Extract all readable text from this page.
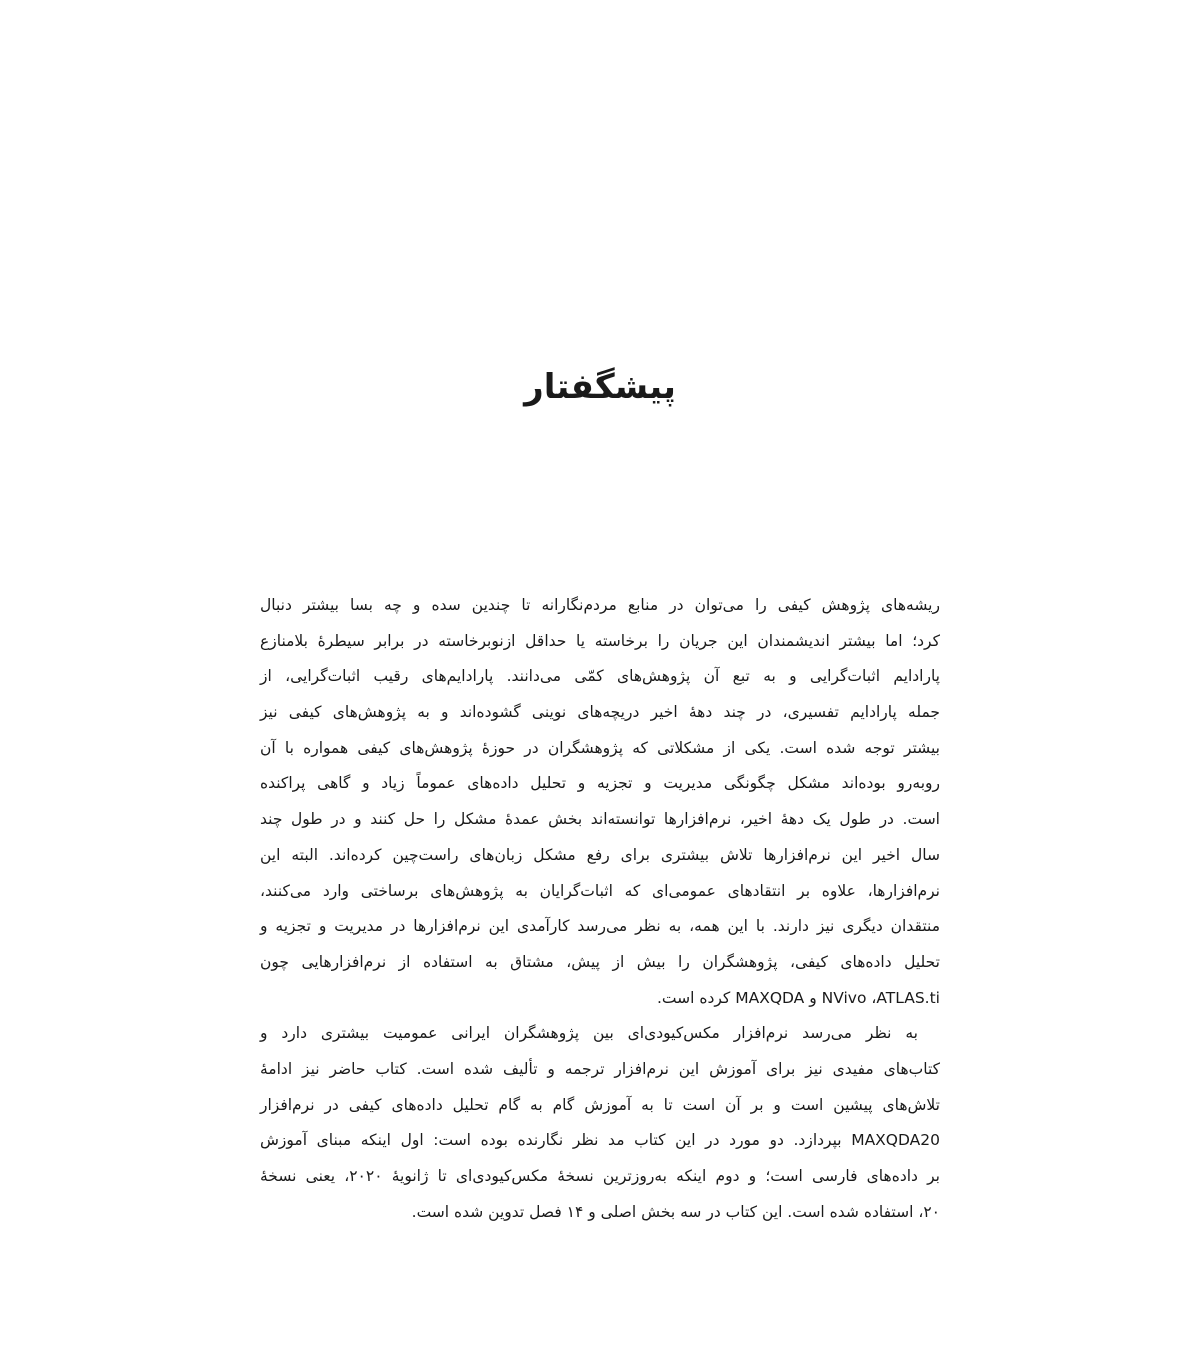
پیشگفتار

ریشه‌های پژوهش کیفی را می‌توان در منابع مردم‌نگارانه تا چندین سده و چه بسا بیشتر دنبال
کرد؛ اما بیشتر اندیشمندان این جریان را برخاسته یا حداقل ازنوبرخاسته در برابر سیطرهٔ بلامنازع
پارادایم اثبات‌گرایی و به تبع آن پژوهش‌های کمّی می‌دانند. پارادایم‌های رقیب اثبات‌گرایی، از
جمله پارادایم تفسیری، در چند دههٔ اخیر دریچه‌های نوینی گشوده‌اند و به پژوهش‌های کیفی نیز
بیشتر توجه شده است. یکی از مشکلاتی که پژوهشگران در حوزهٔ پژوهش‌های کیفی همواره با آن
روبه‌رو بوده‌اند مشکل چگونگی مدیریت و تجزیه و تحلیل داده‌های عموماً زیاد و گاهی پراکنده
است. در طول یک دههٔ اخیر، نرم‌افزارها توانسته‌اند بخش عمدهٔ مشکل را حل کنند و در طول چند
سال اخیر این نرم‌افزارها تلاش بیشتری برای رفع مشکل زبان‌های راست‌چین کرده‌اند. البته این
نرم‌افزارها، علاوه بر انتقادهای عمومی‌ای که اثبات‌گرایان به پژوهش‌های برساختی وارد می‌کنند،
منتقدان دیگری نیز دارند. با این همه، به نظر می‌رسد کارآمدی این نرم‌افزارها در مدیریت و تجزیه و
تحلیل داده‌های کیفی، پژوهشگران را بیش از پیش، مشتاق به استفاده از نرم‌افزارهایی چون
NVivo ،ATLAS.ti و MAXQDA کرده است.

به نظر می‌رسد نرم‌افزار مکس‌کیودی‌ای بین پژوهشگران ایرانی عمومیت بیشتری دارد و
کتاب‌های مفیدی نیز برای آموزش این نرم‌افزار ترجمه و تألیف شده است. کتاب حاضر نیز ادامهٔ
تلاش‌های پیشین است و بر آن است تا به آموزش گام به گام تحلیل داده‌های کیفی در نرم‌افزار
MAXQDA20 بپردازد. دو مورد در این کتاب مد نظر نگارنده بوده است: اول اینکه مبنای آموزش
بر داده‌های فارسی است؛ و دوم اینکه به‌روزترین نسخهٔ مکس‌کیودی‌ای تا ژانویهٔ ۲۰۲۰، یعنی نسخهٔ
۲۰، استفاده شده است. این کتاب در سه بخش اصلی و ۱۴ فصل تدوین شده است.
